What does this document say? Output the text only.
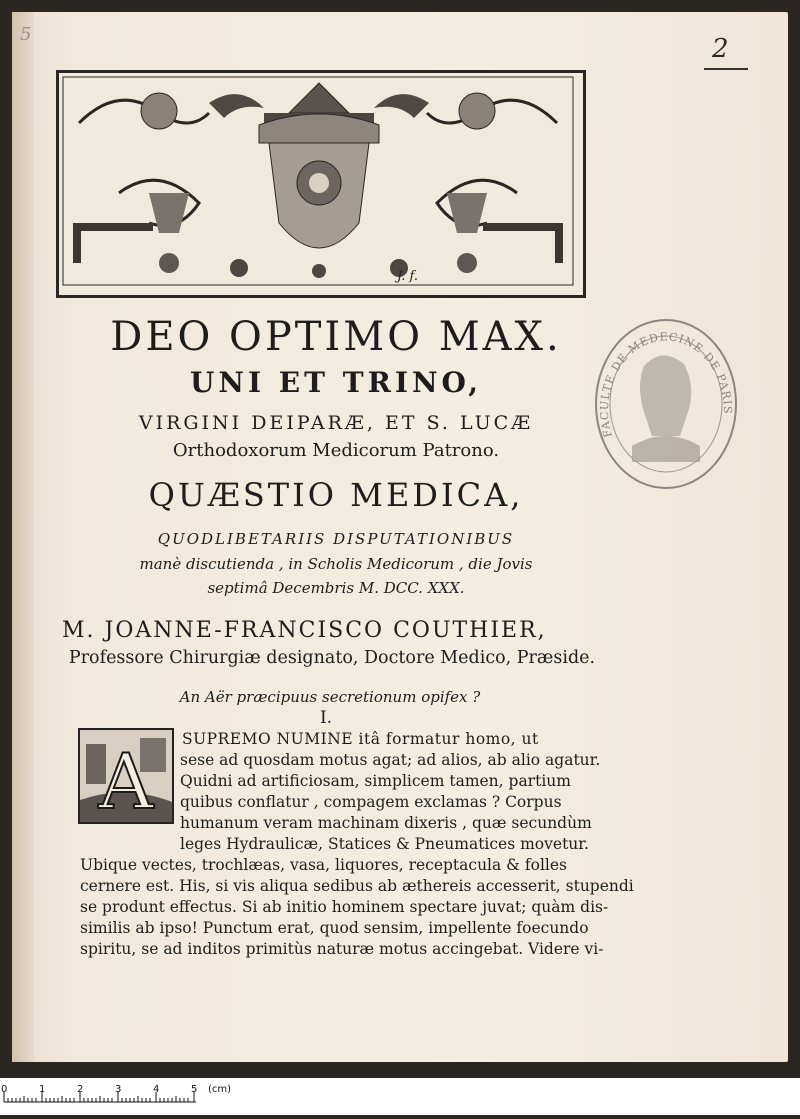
5	2
J. f.
FACULTE DE MEDECINE DE PARIS
DEO OPTIMO MAX.
UNI ET TRINO,
VIRGINI DEIPARÆ, ET S. LUCÆ
Orthodoxorum Medicorum Patrono.
QUÆSTIO MEDICA,
QUODLIBETARIIS DISPUTATIONIBUS
manè discutienda , in Scholis Medicorum , die Jovis
septimâ Decembris M. DCC. XXX.
M. JOANNE-FRANCISCO COUTHIER,
Professore Chirurgiæ designato, Doctore Medico, Præside.
An Aër præcipuus secretionum opifex ?
I.
A SUPREMO NUMINE itâ formatur homo, ut
sese ad quosdam motus agat; ad alios, ab alio agatur.
Quidni ad artificiosam, simplicem tamen, partium
quibus conflatur , compagem exclamas ? Corpus
humanum veram machinam dixeris , quæ secundùm
leges Hydraulicæ, Statices & Pneumatices movetur.
Ubique vectes, trochlæas, vasa, liquores, receptacula & folles
cernere est. His, si vis aliqua sedibus ab æthereis accesserit, stupendi
se produnt effectus. Si ab initio hominem spectare juvat; quàm dis-
similis ab ipso! Punctum erat, quod sensim, impellente foecundo
spiritu, se ad inditos primitùs naturæ motus accingebat. Videre vi-
0	1	2	3	4	5 (cm)
